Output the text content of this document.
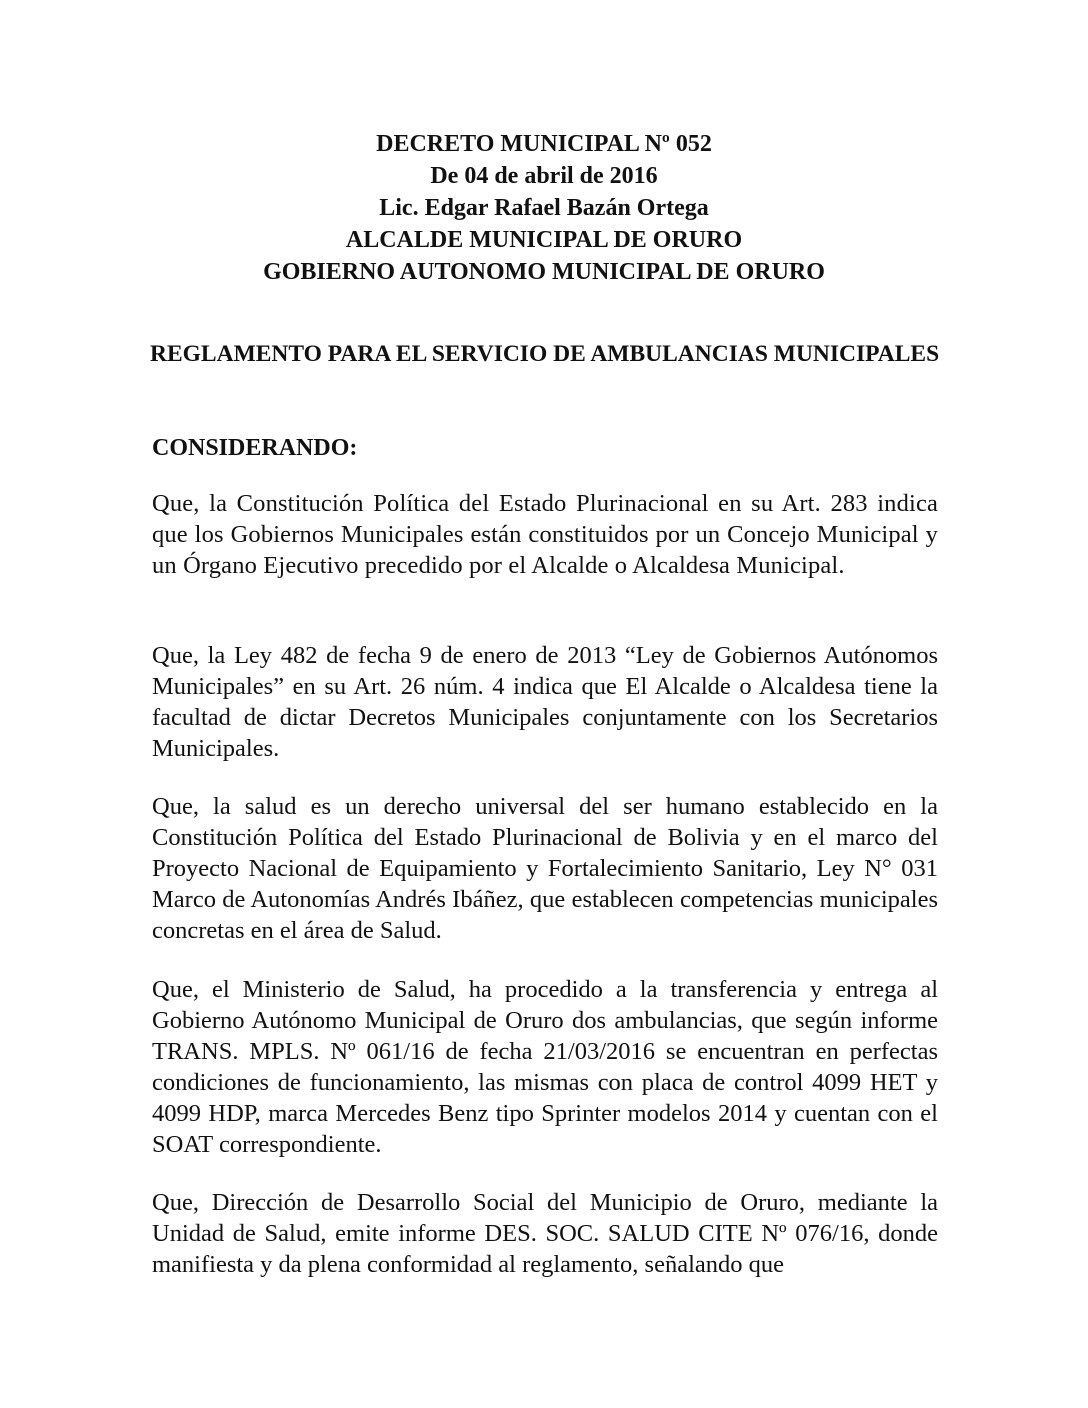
DECRETO MUNICIPAL Nº 052
De 04 de abril de 2016
Lic. Edgar Rafael Bazán Ortega
ALCALDE MUNICIPAL DE ORURO
GOBIERNO AUTONOMO MUNICIPAL DE ORURO
REGLAMENTO PARA EL SERVICIO DE AMBULANCIAS MUNICIPALES
CONSIDERANDO:

Que, la Constitución Política del Estado Plurinacional en su Art. 283 indica que los Gobiernos Municipales están constituidos por un Concejo Municipal y un Órgano Ejecutivo precedido por el Alcalde o Alcaldesa Municipal.

Que, la Ley 482 de fecha 9 de enero de 2013 “Ley de Gobiernos Autónomos Municipales” en su Art. 26 núm. 4 indica que El Alcalde o Alcaldesa tiene la facultad de dictar Decretos Municipales conjuntamente con los Secretarios Municipales.

Que, la salud es un derecho universal del ser humano establecido en la Constitución Política del Estado Plurinacional de Bolivia y en el marco del Proyecto Nacional de Equipamiento y Fortalecimiento Sanitario, Ley N° 031 Marco de Autonomías Andrés Ibáñez, que establecen competencias municipales concretas en el área de Salud.

Que, el Ministerio de Salud, ha procedido a la transferencia y entrega al Gobierno Autónomo Municipal de Oruro dos ambulancias, que según informe TRANS. MPLS. Nº 061/16 de fecha 21/03/2016 se encuentran en perfectas condiciones de funcionamiento, las mismas con placa de control 4099 HET y 4099 HDP, marca Mercedes Benz tipo Sprinter modelos 2014 y cuentan con el SOAT correspondiente.

Que, Dirección de Desarrollo Social del Municipio de Oruro, mediante la Unidad de Salud, emite informe DES. SOC. SALUD CITE Nº 076/16, donde manifiesta y da plena conformidad al reglamento, señalando que
